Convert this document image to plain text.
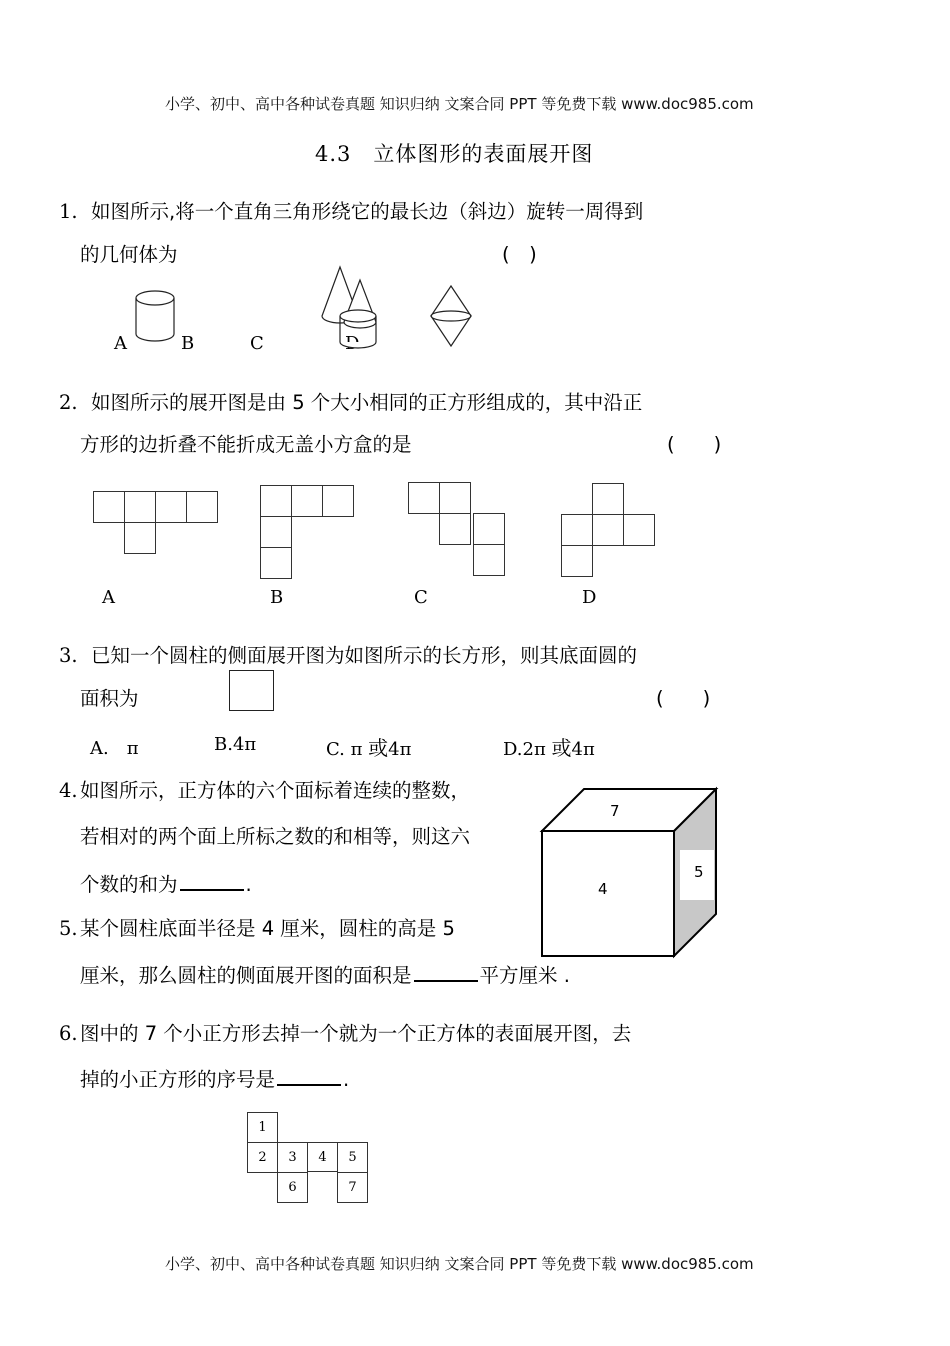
小学、初中、高中各种试卷真题 知识归纳 文案合同 PPT 等免费下载 www.doc985.com
4.3　立体图形的表面展开图
1. 如图所示,将一个直角三角形绕它的最长边（斜边）旋转一周得到
的几何体为	(　)
A	B	C
2. 如图所示的展开图是由 5 个大小相同的正方形组成的，其中沿正
方形的边折叠不能折成无盖小方盒的是	(　　)
A	B	C	D
3. 已知一个圆柱的侧面展开图为如图所示的长方形，则其底面圆的
面积为	(　　)
A.　π	B.4π	C. π 或4π	D.2π 或4π
4. 如图所示，正方体的六个面标着连续的整数，
若相对的两个面上所标之数的和相等，则这六
个数的和为	.
7
4
5
5. 某个圆柱底面半径是 4 厘米，圆柱的高是 5
厘米，那么圆柱的侧面展开图的面积是	平方厘米 .
6. 图中的 7 个小正方形去掉一个就为一个正方体的表面展开图，去
掉的小正方形的序号是	.
1
2	3	4	5
6	7
小学、初中、高中各种试卷真题 知识归纳 文案合同 PPT 等免费下载 www.doc985.com
